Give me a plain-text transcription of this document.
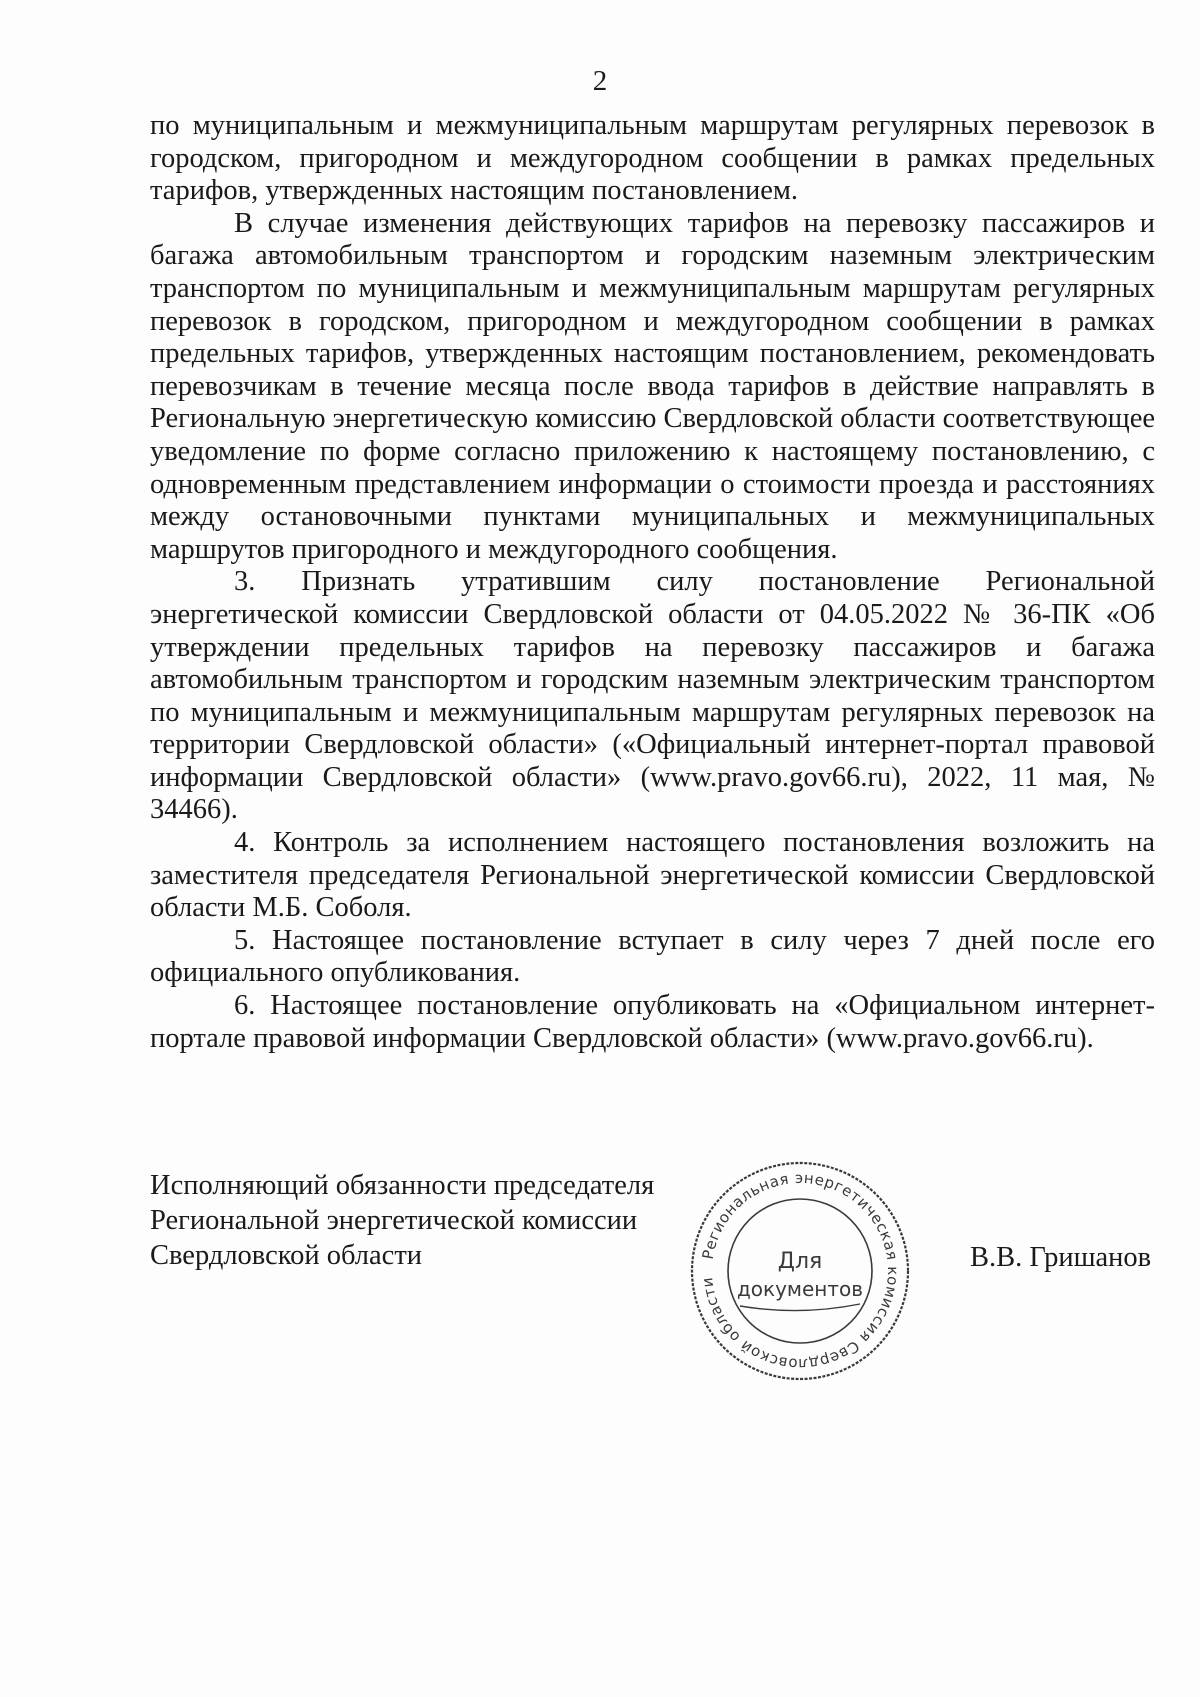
2

по муниципальным и межмуниципальным маршрутам регулярных перевозок в городском, пригородном и междугородном сообщении в рамках предельных тарифов, утвержденных настоящим постановлением.

В случае изменения действующих тарифов на перевозку пассажиров и багажа автомобильным транспортом и городским наземным электрическим транспортом по муниципальным и межмуниципальным маршрутам регулярных перевозок в городском, пригородном и междугородном сообщении в рамках предельных тарифов, утвержденных настоящим постановлением, рекомендовать перевозчикам в течение месяца после ввода тарифов в действие направлять в Региональную энергетическую комиссию Свердловской области соответствующее уведомление по форме согласно приложению к настоящему постановлению, с одновременным представлением информации о стоимости проезда и расстояниях между остановочными пунктами муниципальных и межмуниципальных маршрутов пригородного и междугородного сообщения.

3. Признать утратившим силу постановление Региональной энергетической комиссии Свердловской области от 04.05.2022 № 36-ПК «Об утверждении предельных тарифов на перевозку пассажиров и багажа автомобильным транспортом и городским наземным электрическим транспортом по муниципальным и межмуниципальным маршрутам регулярных перевозок на территории Свердловской области» («Официальный интернет-портал правовой информации Свердловской области» (www.pravo.gov66.ru), 2022, 11 мая, № 34466).

4. Контроль за исполнением настоящего постановления возложить на заместителя председателя Региональной энергетической комиссии Свердловской области М.Б. Соболя.

5. Настоящее постановление вступает в силу через 7 дней после его официального опубликования.

6. Настоящее постановление опубликовать на «Официальном интернет-портале правовой информации Свердловской области» (www.pravo.gov66.ru).

Исполняющий обязанности председателя
Региональной энергетической комиссии
Свердловской области	Региональная энергетическая комиссия Свердловской области
Для
документов
В.В. Гришанов
